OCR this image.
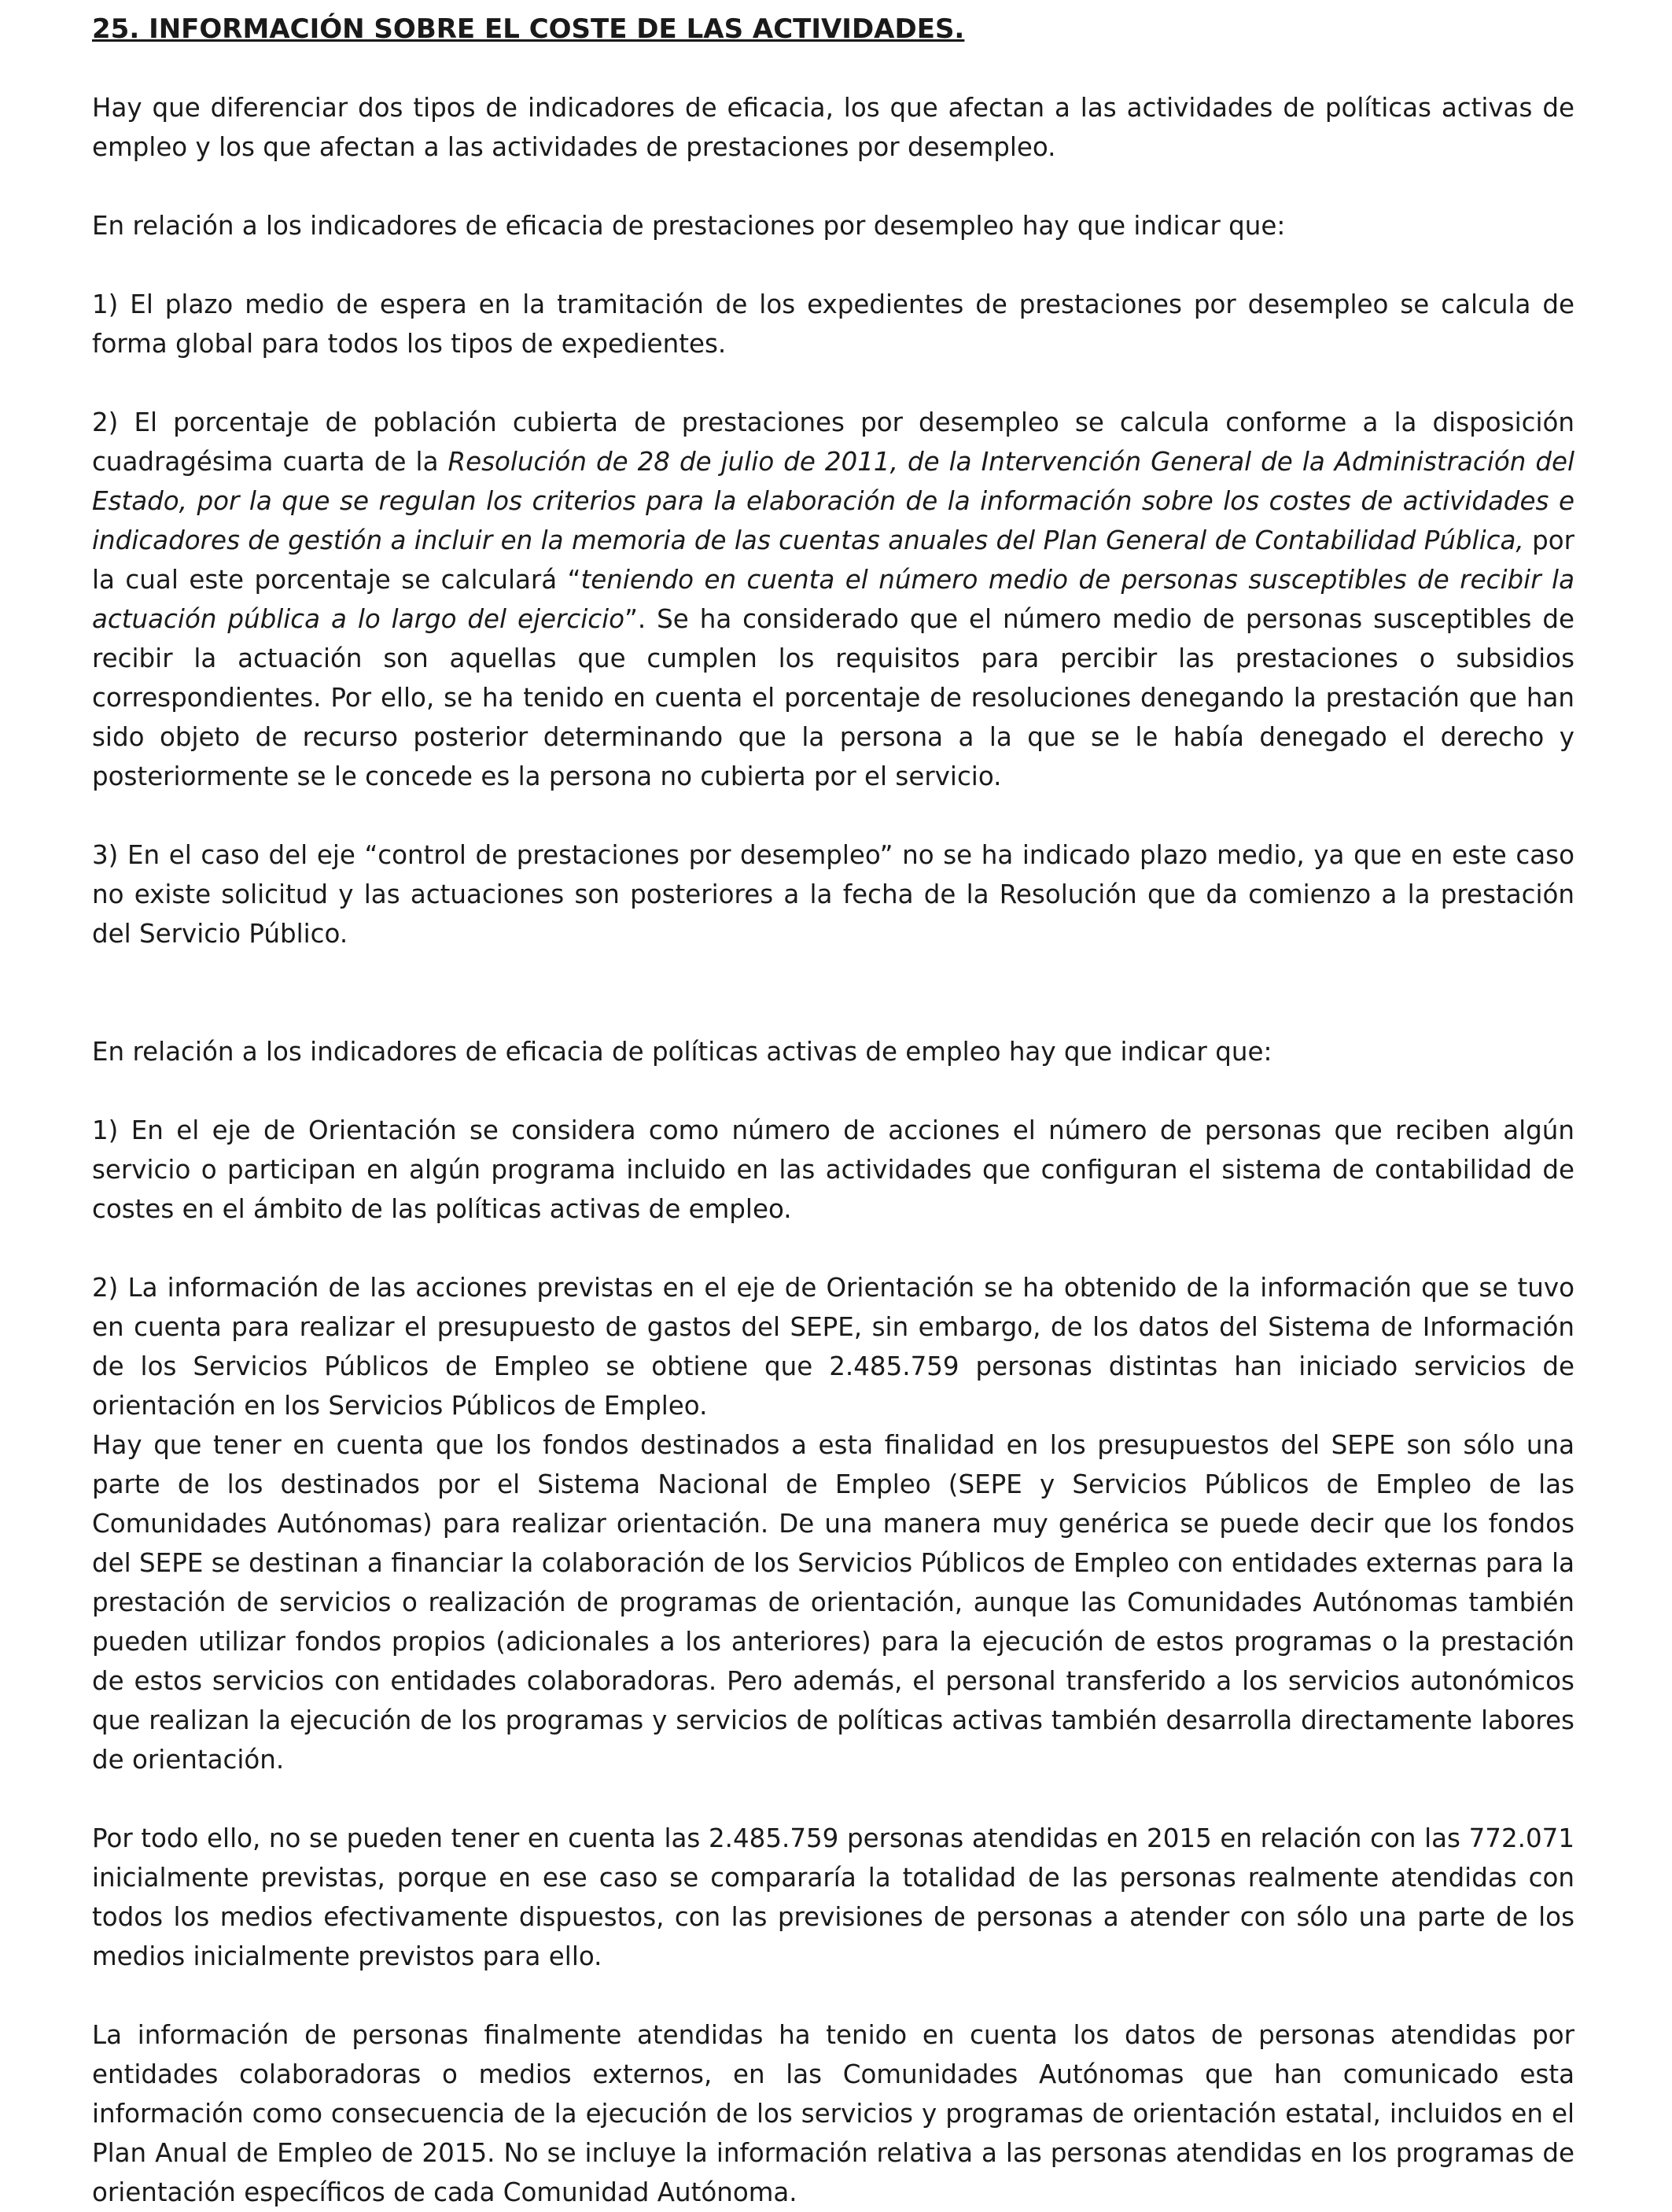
25. INFORMACIÓN SOBRE EL COSTE DE LAS ACTIVIDADES.

Hay que diferenciar dos tipos de indicadores de eficacia, los que afectan a las actividades de políticas activas de empleo y los que afectan a las actividades de prestaciones por desempleo.

En relación a los indicadores de eficacia de prestaciones por desempleo hay que indicar que:

1) El plazo medio de espera en la tramitación de los expedientes de prestaciones por desempleo se calcula de forma global para todos los tipos de expedientes.

2) El porcentaje de población cubierta de prestaciones por desempleo se calcula conforme a la disposición cuadragésima cuarta de la Resolución de 28 de julio de 2011, de la Intervención General de la Administración del Estado, por la que se regulan los criterios para la elaboración de la información sobre los costes de actividades e indicadores de gestión a incluir en la memoria de las cuentas anuales del Plan General de Contabilidad Pública, por la cual este porcentaje se calculará “teniendo en cuenta el número medio de personas susceptibles de recibir la actuación pública a lo largo del ejercicio”. Se ha considerado que el número medio de personas susceptibles de recibir la actuación son aquellas que cumplen los requisitos para percibir las prestaciones o subsidios correspondientes. Por ello, se ha tenido en cuenta el porcentaje de resoluciones denegando la prestación que han sido objeto de recurso posterior determinando que la persona a la que se le había denegado el derecho y posteriormente se le concede es la persona no cubierta por el servicio.

3) En el caso del eje “control de prestaciones por desempleo” no se ha indicado plazo medio, ya que en este caso no existe solicitud y las actuaciones son posteriores a la fecha de la Resolución que da comienzo a la prestación del Servicio Público.

En relación a los indicadores de eficacia de políticas activas de empleo hay que indicar que:

1) En el eje de Orientación se considera como número de acciones el número de personas que reciben algún servicio o participan en algún programa incluido en las actividades que configuran el sistema de contabilidad de costes en el ámbito de las políticas activas de empleo.

2) La información de las acciones previstas en el eje de Orientación se ha obtenido de la información que se tuvo en cuenta para realizar el presupuesto de gastos del SEPE, sin embargo, de los datos del Sistema de Información de los Servicios Públicos de Empleo se obtiene que 2.485.759 personas distintas han iniciado servicios de orientación en los Servicios Públicos de Empleo.

Hay que tener en cuenta que los fondos destinados a esta finalidad en los presupuestos del SEPE son sólo una parte de los destinados por el Sistema Nacional de Empleo (SEPE y Servicios Públicos de Empleo de las Comunidades Autónomas) para realizar orientación. De una manera muy genérica se puede decir que los fondos del SEPE se destinan a financiar la colaboración de los Servicios Públicos de Empleo con entidades externas para la prestación de servicios o realización de programas de orientación, aunque las Comunidades Autónomas también pueden utilizar fondos propios (adicionales a los anteriores) para la ejecución de estos programas o la prestación de estos servicios con entidades colaboradoras. Pero además, el personal transferido a los servicios autonómicos que realizan la ejecución de los programas y servicios de políticas activas también desarrolla directamente labores de orientación.

Por todo ello, no se pueden tener en cuenta las 2.485.759 personas atendidas en 2015 en relación con las 772.071 inicialmente previstas, porque en ese caso se compararía la totalidad de las personas realmente atendidas con todos los medios efectivamente dispuestos, con las previsiones de personas a atender con sólo una parte de los medios inicialmente previstos para ello.

La información de personas finalmente atendidas ha tenido en cuenta los datos de personas atendidas por entidades colaboradoras o medios externos, en las Comunidades Autónomas que han comunicado esta información como consecuencia de la ejecución de los servicios y programas de orientación estatal, incluidos en el Plan Anual de Empleo de 2015. No se incluye la información relativa a las personas atendidas en los programas de orientación específicos de cada Comunidad Autónoma.
